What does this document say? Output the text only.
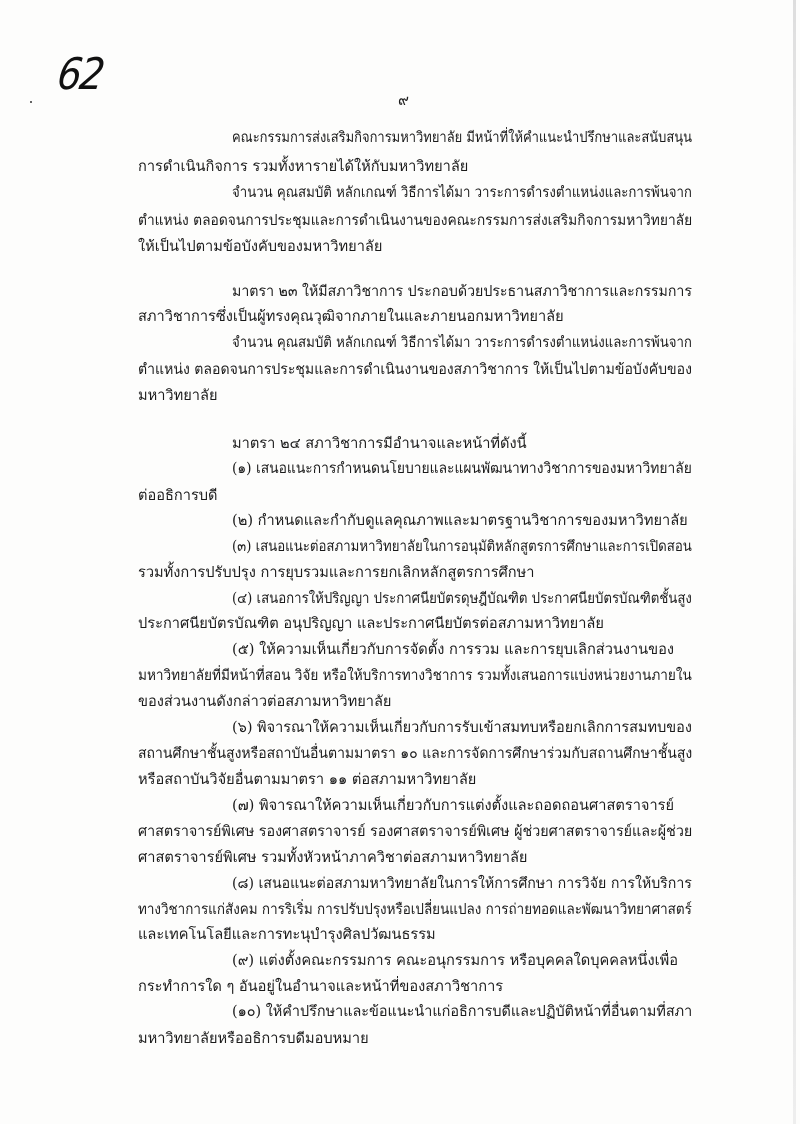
62
๙
คณะกรรมการส่งเสริมกิจการมหาวิทยาลัย มีหน้าที่ให้คำแนะนำปรึกษาและสนับสนุน
การดำเนินกิจการ รวมทั้งหารายได้ให้กับมหาวิทยาลัย
จำนวน คุณสมบัติ หลักเกณฑ์ วิธีการได้มา วาระการดำรงตำแหน่งและการพ้นจาก
ตำแหน่ง ตลอดจนการประชุมและการดำเนินงานของคณะกรรมการส่งเสริมกิจการมหาวิทยาลัย
ให้เป็นไปตามข้อบังคับของมหาวิทยาลัย
มาตรา ๒๓ ให้มีสภาวิชาการ ประกอบด้วยประธานสภาวิชาการและกรรมการ
สภาวิชาการซึ่งเป็นผู้ทรงคุณวุฒิจากภายในและภายนอกมหาวิทยาลัย
จำนวน คุณสมบัติ หลักเกณฑ์ วิธีการได้มา วาระการดำรงตำแหน่งและการพ้นจาก
ตำแหน่ง ตลอดจนการประชุมและการดำเนินงานของสภาวิชาการ ให้เป็นไปตามข้อบังคับของ
มหาวิทยาลัย
มาตรา ๒๔ สภาวิชาการมีอำนาจและหน้าที่ดังนี้
(๑) เสนอแนะการกำหนดนโยบายและแผนพัฒนาทางวิชาการของมหาวิทยาลัย
ต่ออธิการบดี
(๒) กำหนดและกำกับดูแลคุณภาพและมาตรฐานวิชาการของมหาวิทยาลัย
(๓) เสนอแนะต่อสภามหาวิทยาลัยในการอนุมัติหลักสูตรการศึกษาและการเปิดสอน
รวมทั้งการปรับปรุง การยุบรวมและการยกเลิกหลักสูตรการศึกษา
(๔) เสนอการให้ปริญญา ประกาศนียบัตรดุษฎีบัณฑิต ประกาศนียบัตรบัณฑิตชั้นสูง
ประกาศนียบัตรบัณฑิต อนุปริญญา และประกาศนียบัตรต่อสภามหาวิทยาลัย
(๕) ให้ความเห็นเกี่ยวกับการจัดตั้ง การรวม และการยุบเลิกส่วนงานของ
มหาวิทยาลัยที่มีหน้าที่สอน วิจัย หรือให้บริการทางวิชาการ รวมทั้งเสนอการแบ่งหน่วยงานภายใน
ของส่วนงานดังกล่าวต่อสภามหาวิทยาลัย
(๖) พิจารณาให้ความเห็นเกี่ยวกับการรับเข้าสมทบหรือยกเลิกการสมทบของ
สถานศึกษาชั้นสูงหรือสถาบันอื่นตามมาตรา ๑๐ และการจัดการศึกษาร่วมกับสถานศึกษาชั้นสูง
หรือสถาบันวิจัยอื่นตามมาตรา ๑๑ ต่อสภามหาวิทยาลัย
(๗) พิจารณาให้ความเห็นเกี่ยวกับการแต่งตั้งและถอดถอนศาสตราจารย์
ศาสตราจารย์พิเศษ รองศาสตราจารย์ รองศาสตราจารย์พิเศษ ผู้ช่วยศาสตราจารย์และผู้ช่วย
ศาสตราจารย์พิเศษ รวมทั้งหัวหน้าภาควิชาต่อสภามหาวิทยาลัย
(๘) เสนอแนะต่อสภามหาวิทยาลัยในการให้การศึกษา การวิจัย การให้บริการ
ทางวิชาการแก่สังคม การริเริ่ม การปรับปรุงหรือเปลี่ยนแปลง การถ่ายทอดและพัฒนาวิทยาศาสตร์
และเทคโนโลยีและการทะนุบำรุงศิลปวัฒนธรรม
(๙) แต่งตั้งคณะกรรมการ คณะอนุกรรมการ หรือบุคคลใดบุคคลหนึ่งเพื่อ
กระทำการใด ๆ อันอยู่ในอำนาจและหน้าที่ของสภาวิชาการ
(๑๐) ให้คำปรึกษาและข้อแนะนำแก่อธิการบดีและปฏิบัติหน้าที่อื่นตามที่สภา
มหาวิทยาลัยหรืออธิการบดีมอบหมาย
